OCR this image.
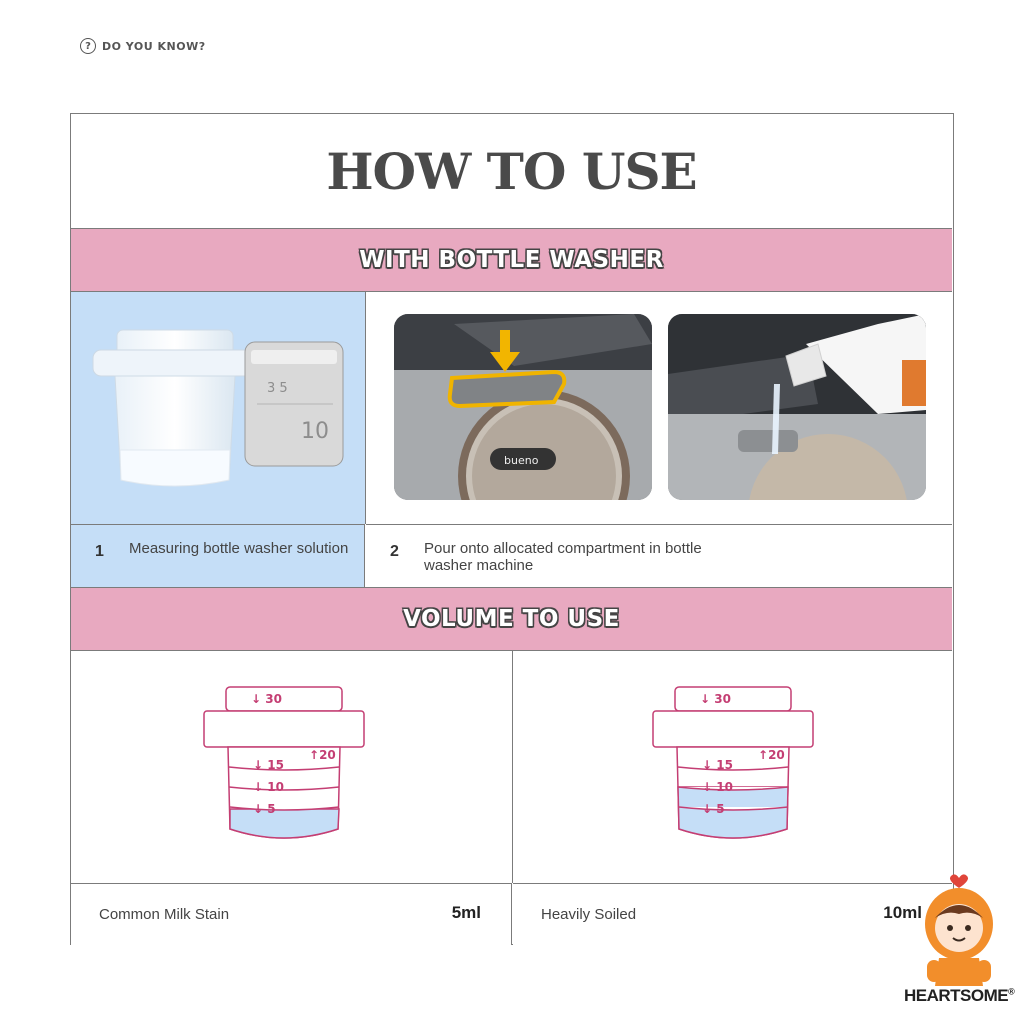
?	DO YOU KNOW?
HOW TO USE
WITH BOTTLE WASHER
3 5
10
bueno
1 Measuring bottle washer solution	2 Pour onto allocated compartment in bottle washer machine
VOLUME TO USE
↓ 30
↑20
↓ 15
↓ 10
↓ 5
↓ 30
↑20
↓ 15
↓ 10
↓ 5
Common Milk Stain	5ml	Heavily Soiled	10ml
HEARTSOME®
